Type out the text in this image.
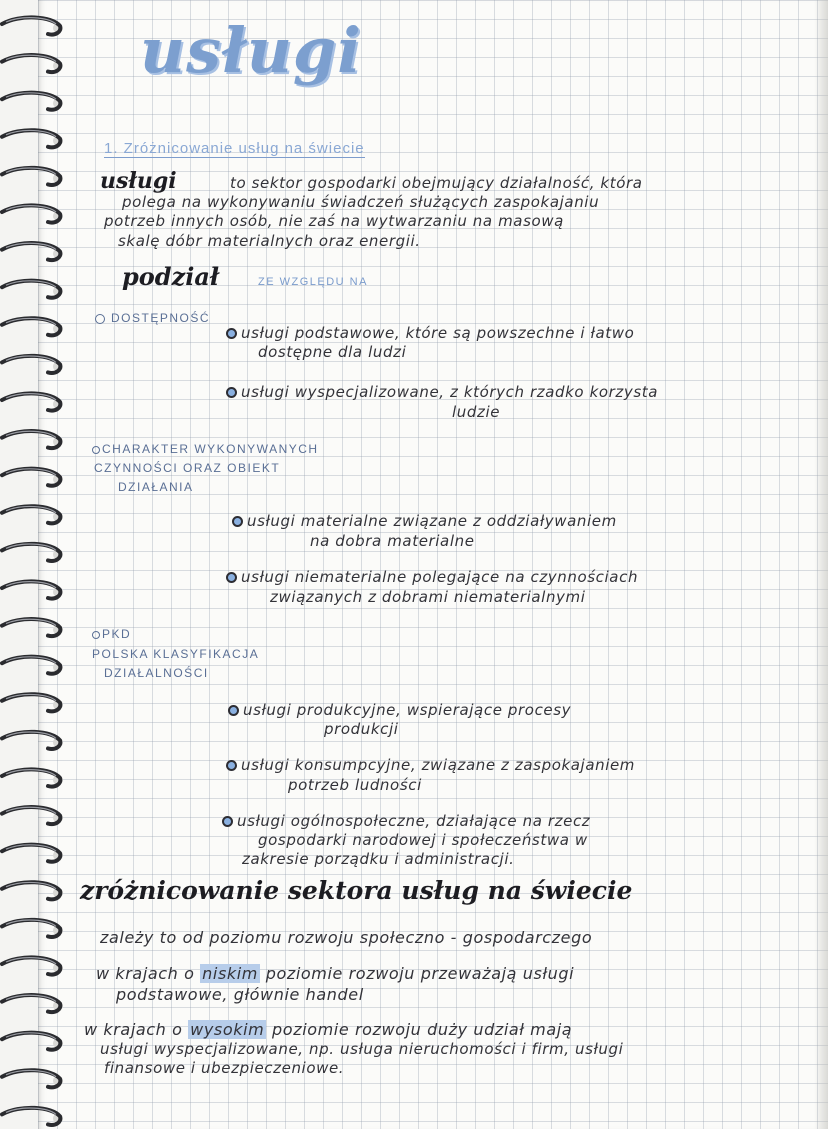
usługi
1. Zróżnicowanie usług na świecie
usługi	to sektor gospodarki obejmujący działalność, która
polega na wykonywaniu świadczeń służących zaspokajaniu
potrzeb innych osób, nie zaś na wytwarzaniu na masową
skalę dóbr materialnych oraz energii.
podział	ZE WZGLĘDU NA
DOSTĘPNOŚĆ
usługi podstawowe, które są powszechne i łatwo
dostępne dla ludzi
usługi wyspecjalizowane, z których rzadko korzysta
ludzie
CHARAKTER WYKONYWANYCH
CZYNNOŚCI ORAZ OBIEKT
DZIAŁANIA
usługi materialne związane z oddziaływaniem
na dobra materialne
usługi niematerialne polegające na czynnościach
związanych z dobrami niematerialnymi
PKD
POLSKA KLASYFIKACJA
DZIAŁALNOŚCI
usługi produkcyjne, wspierające procesy
produkcji
usługi konsumpcyjne, związane z zaspokajaniem
potrzeb ludności
usługi ogólnospołeczne, działające na rzecz
gospodarki narodowej i społeczeństwa w
zakresie porządku i administracji.
zróżnicowanie sektora usług na świecie
zależy to od poziomu rozwoju społeczno - gospodarczego
w krajach o niskim poziomie rozwoju przeważają usługi
podstawowe, głównie handel
w krajach o wysokim poziomie rozwoju duży udział mają
usługi wyspecjalizowane, np. usługa nieruchomości i firm, usługi
finansowe i ubezpieczeniowe.
